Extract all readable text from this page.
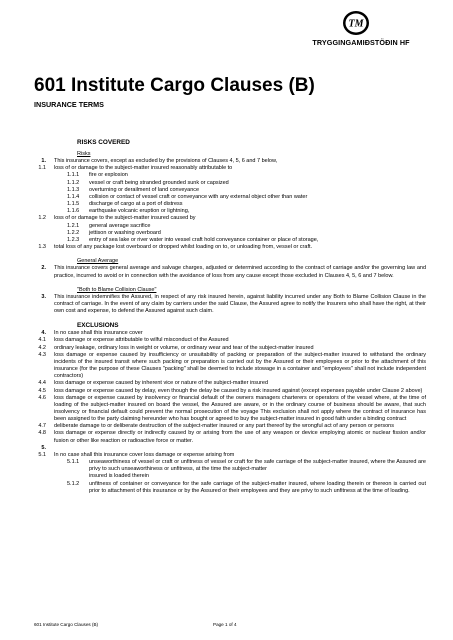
TM
TRYGGINGAMIÐSTÖÐIN HF
601 Institute Cargo Clauses (B)
INSURANCE TERMS
RISKS COVERED
Risks
1. This insurance covers, except as excluded by the provisions of Clauses 4, 5, 6 and 7 below,
1.1 loss of or damage to the subject-matter insured reasonably attributable to
1.1.1	fire or explosion
1.1.2	vessel or craft being stranded grounded sunk or capsized
1.1.3	overturning or derailment of land conveyance
1.1.4	collision or contact of vessel craft or conveyance with any external object other than water
1.1.5	discharge of cargo at a port of distress
1.1.6	earthquake volcanic eruption or lightning,
1.2 loss of or damage to the subject-matter insured caused by
1.2.1	general average sacrifice
1.2.2	jettison or washing overboard
1.2.3	entry of sea lake or river water into vessel craft hold conveyance container or place of storage,
1.3 total loss of any package lost overboard or dropped whilst loading on to, or unloading from, vessel or craft.
General Average
2. This insurance covers general average and salvage charges, adjusted or determined according to the contract of carriage and/or the governing law and practice, incurred to avoid or in connection with the avoidance of loss from any cause except those excluded in Clauses 4, 5, 6 and 7 below.
"Both to Blame Collision Clause"
3. This insurance indemnifies the Assured, in respect of any risk insured herein, against liability incurred under any Both to Blame Collision Clause in the contract of carriage. In the event of any claim by carriers under the said Clause, the Assured agree to notify the Insurers who shall have the right, at their own cost and expense, to defend the Assured against such claim.
EXCLUSIONS
4. In no case shall this insurance cover
4.1 loss damage or expense attributable to wilful misconduct of the Assured
4.2 ordinary leakage, ordinary loss in weight or volume, or ordinary wear and tear of the subject-matter insured
4.3 loss damage or expense caused by insufficiency or unsuitability of packing or preparation of the subject-matter insured to withstand the ordinary incidents of the insured transit where such packing or preparation is carried out by the Assured or their employees or prior to the attachment of this insurance (for the purpose of these Clauses "packing" shall be deemed to include stowage in a container and "employees" shall not include independent contractors)
4.4 loss damage or expense caused by inherent vice or nature of the subject-matter insured
4.5 loss damage or expense caused by delay, even though the delay be caused by a risk insured against (except expenses payable under Clause 2 above)
4.6 loss damage or expense caused by insolvency or financial default of the owners managers charterers or operators of the vessel where, at the time of loading of the subject-matter insured on board the vessel, the Assured are aware, or in the ordinary course of business should be aware, that such insolvency or financial default could prevent the normal prosecution of the voyage This exclusion shall not apply where the contract of insurance has been assigned to the party claiming hereunder who has bought or agreed to buy the subject-matter insured in good faith under a binding contract
4.7 deliberate damage to or deliberate destruction of the subject-matter insured or any part thereof by the wrongful act of any person or persons
4.8 loss damage or expense directly or indirectly caused by or arising from the use of any weapon or device employing atomic or nuclear fission and/or fusion or other like reaction or radioactive force or matter.
5.
5.1 In no case shall this insurance cover loss damage or expense arising from
5.1.1	unseaworthiness of vessel or craft or unfitness of vessel or craft for the safe carriage of the subject-matter insured, where the Assured are privy to such unseaworthiness or unfitness, at the time the subject-matter
insured is loaded therein
5.1.2	unfitness of container or conveyance for the safe carriage of the subject-matter insured, where loading therein or thereon is carried out prior to attachment of this insurance or by the Assured or their employees and they are privy to such unfitness at the time of loading.
601 Institute Cargo Clauses (B)	Page 1 of 4
